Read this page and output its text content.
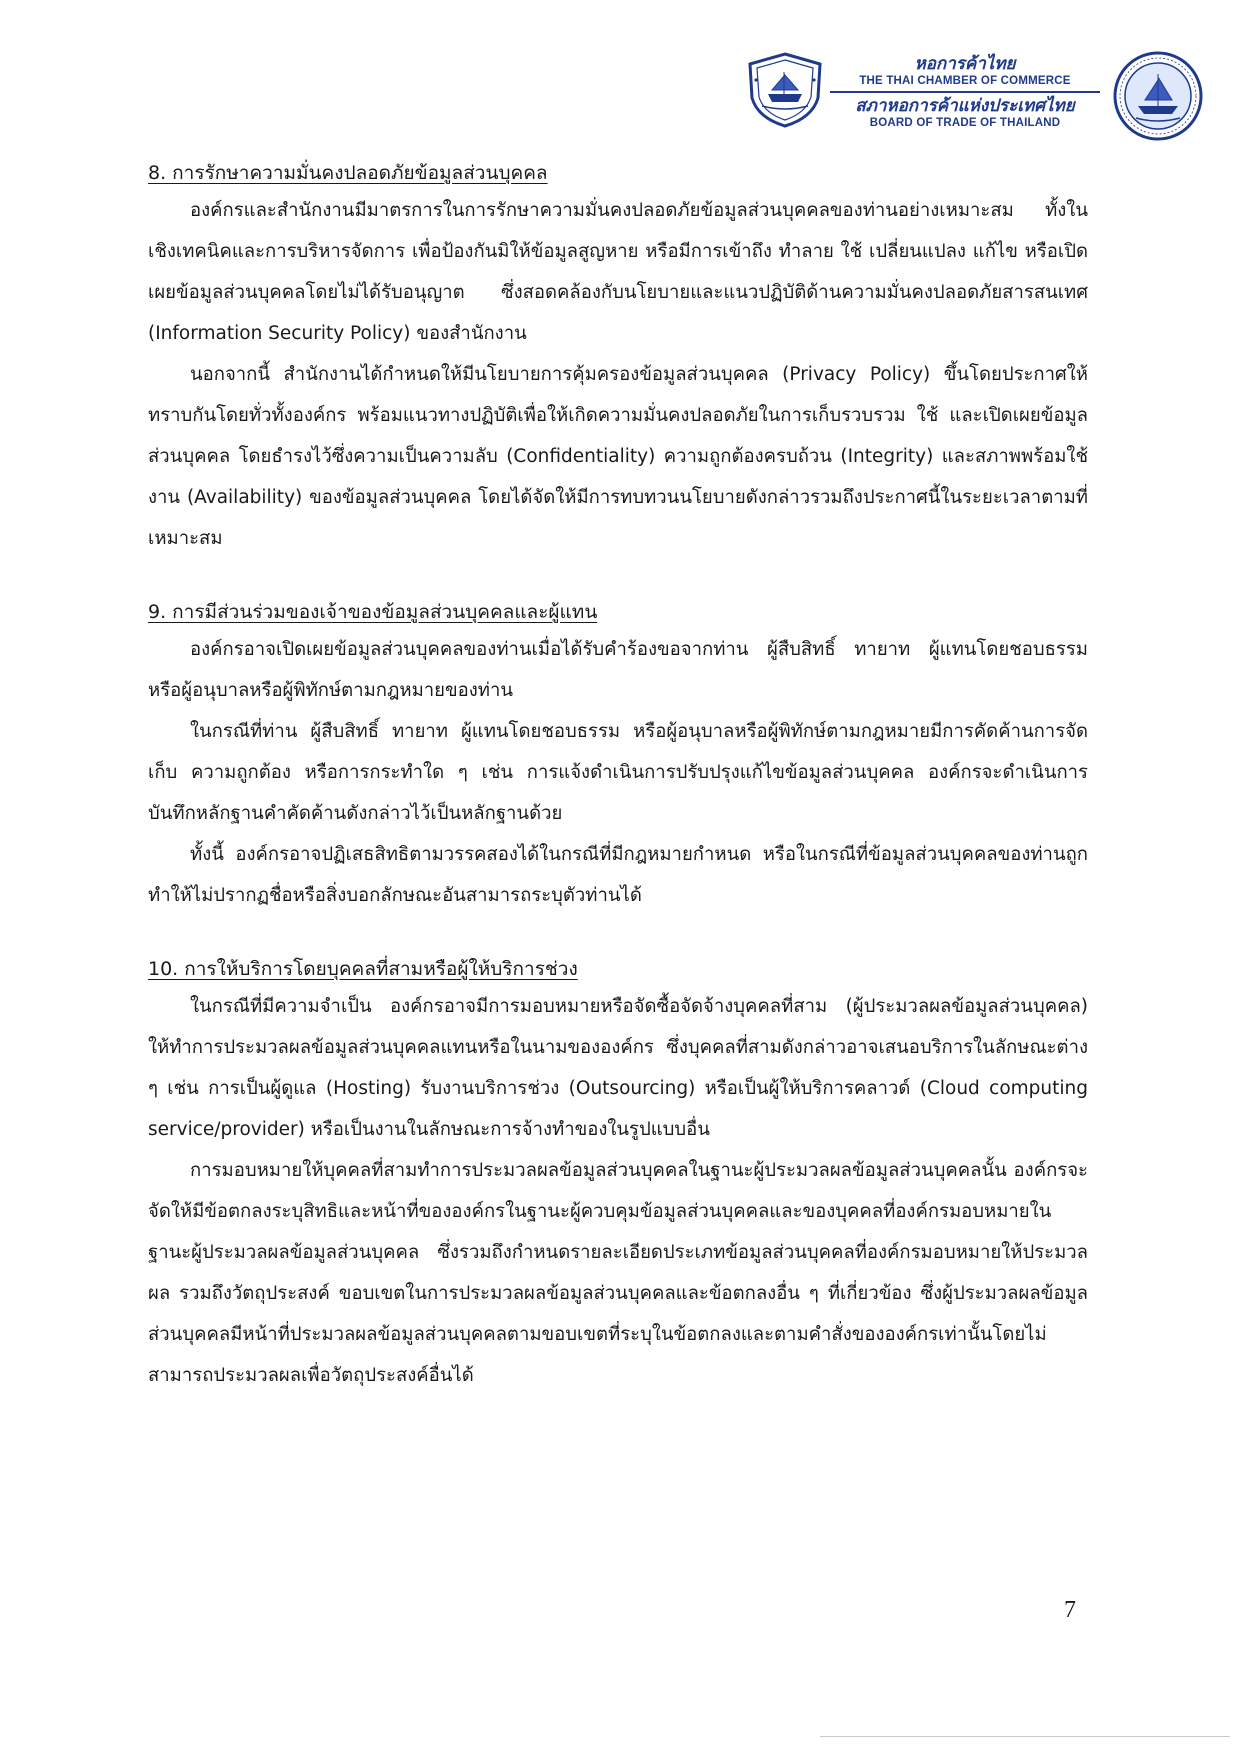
หอการค้าไทย
THE THAI CHAMBER OF COMMERCE
สภาหอการค้าแห่งประเทศไทย
BOARD OF TRADE OF THAILAND
8. การรักษาความมั่นคงปลอดภัยข้อมูลส่วนบุคคล

องค์กรและสำนักงานมีมาตรการในการรักษาความมั่นคงปลอดภัยข้อมูลส่วนบุคคลของท่านอย่างเหมาะสม ทั้งในเชิงเทคนิคและการบริหารจัดการ เพื่อป้องกันมิให้ข้อมูลสูญหาย หรือมีการเข้าถึง ทำลาย ใช้ เปลี่ยนแปลง แก้ไข หรือเปิดเผยข้อมูลส่วนบุคคลโดยไม่ได้รับอนุญาต ซึ่งสอดคล้องกับนโยบายและแนวปฏิบัติด้านความมั่นคงปลอดภัยสารสนเทศ (Information Security Policy) ของสำนักงาน

นอกจากนี้ สำนักงานได้กำหนดให้มีนโยบายการคุ้มครองข้อมูลส่วนบุคคล (Privacy Policy) ขึ้นโดยประกาศให้ทราบกันโดยทั่วทั้งองค์กร พร้อมแนวทางปฏิบัติเพื่อให้เกิดความมั่นคงปลอดภัยในการเก็บรวบรวม ใช้ และเปิดเผยข้อมูลส่วนบุคคล โดยธำรงไว้ซึ่งความเป็นความลับ (Confidentiality) ความถูกต้องครบถ้วน (Integrity) และสภาพพร้อมใช้งาน (Availability) ของข้อมูลส่วนบุคคล โดยได้จัดให้มีการทบทวนนโยบายดังกล่าวรวมถึงประกาศนี้ในระยะเวลาตามที่เหมาะสม

9. การมีส่วนร่วมของเจ้าของข้อมูลส่วนบุคคลและผู้แทน

องค์กรอาจเปิดเผยข้อมูลส่วนบุคคลของท่านเมื่อได้รับคำร้องขอจากท่าน ผู้สืบสิทธิ์ ทายาท ผู้แทนโดยชอบธรรม หรือผู้อนุบาลหรือผู้พิทักษ์ตามกฎหมายของท่าน

ในกรณีที่ท่าน ผู้สืบสิทธิ์ ทายาท ผู้แทนโดยชอบธรรม หรือผู้อนุบาลหรือผู้พิทักษ์ตามกฎหมายมีการคัดค้านการจัดเก็บ ความถูกต้อง หรือการกระทำใด ๆ เช่น การแจ้งดำเนินการปรับปรุงแก้ไขข้อมูลส่วนบุคคล องค์กรจะดำเนินการบันทึกหลักฐานคำคัดค้านดังกล่าวไว้เป็นหลักฐานด้วย

ทั้งนี้ องค์กรอาจปฏิเสธสิทธิตามวรรคสองได้ในกรณีที่มีกฎหมายกำหนด หรือในกรณีที่ข้อมูลส่วนบุคคลของท่านถูกทำให้ไม่ปรากฏชื่อหรือสิ่งบอกลักษณะอันสามารถระบุตัวท่านได้

10. การให้บริการโดยบุคคลที่สามหรือผู้ให้บริการช่วง

ในกรณีที่มีความจำเป็น องค์กรอาจมีการมอบหมายหรือจัดซื้อจัดจ้างบุคคลที่สาม (ผู้ประมวลผลข้อมูลส่วนบุคคล) ให้ทำการประมวลผลข้อมูลส่วนบุคคลแทนหรือในนามขององค์กร ซึ่งบุคคลที่สามดังกล่าวอาจเสนอบริการในลักษณะต่าง ๆ เช่น การเป็นผู้ดูแล (Hosting) รับงานบริการช่วง (Outsourcing) หรือเป็นผู้ให้บริการคลาวด์ (Cloud computing service/provider) หรือเป็นงานในลักษณะการจ้างทำของในรูปแบบอื่น

การมอบหมายให้บุคคลที่สามทำการประมวลผลข้อมูลส่วนบุคคลในฐานะผู้ประมวลผลข้อมูลส่วนบุคคลนั้น องค์กรจะจัดให้มีข้อตกลงระบุสิทธิและหน้าที่ขององค์กรในฐานะผู้ควบคุมข้อมูลส่วนบุคคลและของบุคคลที่องค์กรมอบหมายในฐานะผู้ประมวลผลข้อมูลส่วนบุคคล ซึ่งรวมถึงกำหนดรายละเอียดประเภทข้อมูลส่วนบุคคลที่องค์กรมอบหมายให้ประมวลผล รวมถึงวัตถุประสงค์ ขอบเขตในการประมวลผลข้อมูลส่วนบุคคลและข้อตกลงอื่น ๆ ที่เกี่ยวข้อง ซึ่งผู้ประมวลผลข้อมูลส่วนบุคคลมีหน้าที่ประมวลผลข้อมูลส่วนบุคคลตามขอบเขตที่ระบุในข้อตกลงและตามคำสั่งขององค์กรเท่านั้นโดยไม่สามารถประมวลผลเพื่อวัตถุประสงค์อื่นได้

7
